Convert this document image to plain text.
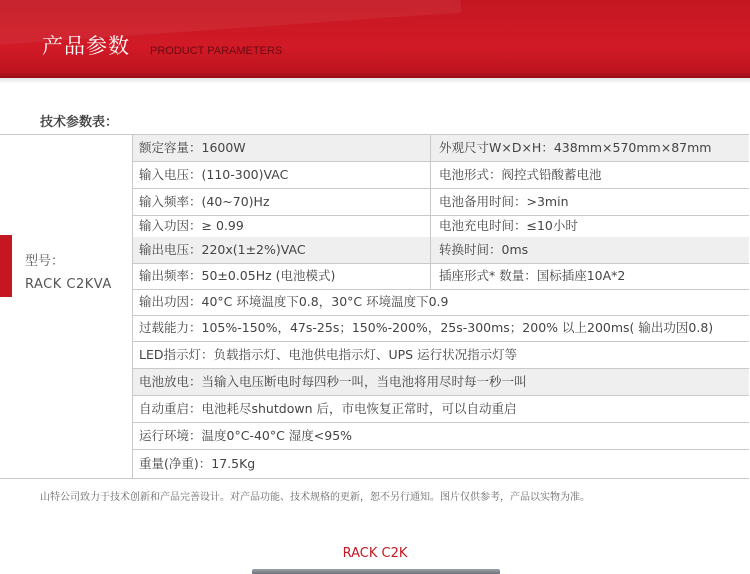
产品参数 PRODUCT PARAMETERS
技术参数表：
型号：
RACK C2KVA
额定容量：1600W	外观尺寸W×D×H：438mm×570mm×87mm
输入电压：(110-300)VAC	电池形式：阀控式铅酸蓄电池
输入频率：(40~70)Hz	电池备用时间：>3min
输入功因：≥ 0.99	电池充电时间：≤10小时
输出电压：220x(1±2%)VAC	转换时间：0ms
输出频率：50±0.05Hz (电池模式)	插座形式* 数量：国标插座10A*2
输出功因：40°C 环境温度下0.8，30°C 环境温度下0.9
过载能力：105%-150%，47s-25s；150%-200%，25s-300ms；200% 以上200ms( 输出功因0.8)
LED指示灯：负载指示灯、电池供电指示灯、UPS 运行状况指示灯等
电池放电：当输入电压断电时每四秒一叫，当电池将用尽时每一秒一叫
自动重启：电池耗尽shutdown 后，市电恢复正常时，可以自动重启
运行环境：温度0°C-40°C 湿度<95%
重量(净重)：17.5Kg
山特公司致力于技术创新和产品完善设计。对产品功能、技术规格的更新，恕不另行通知。图片仅供参考，产品以实物为准。
RACK C2K
